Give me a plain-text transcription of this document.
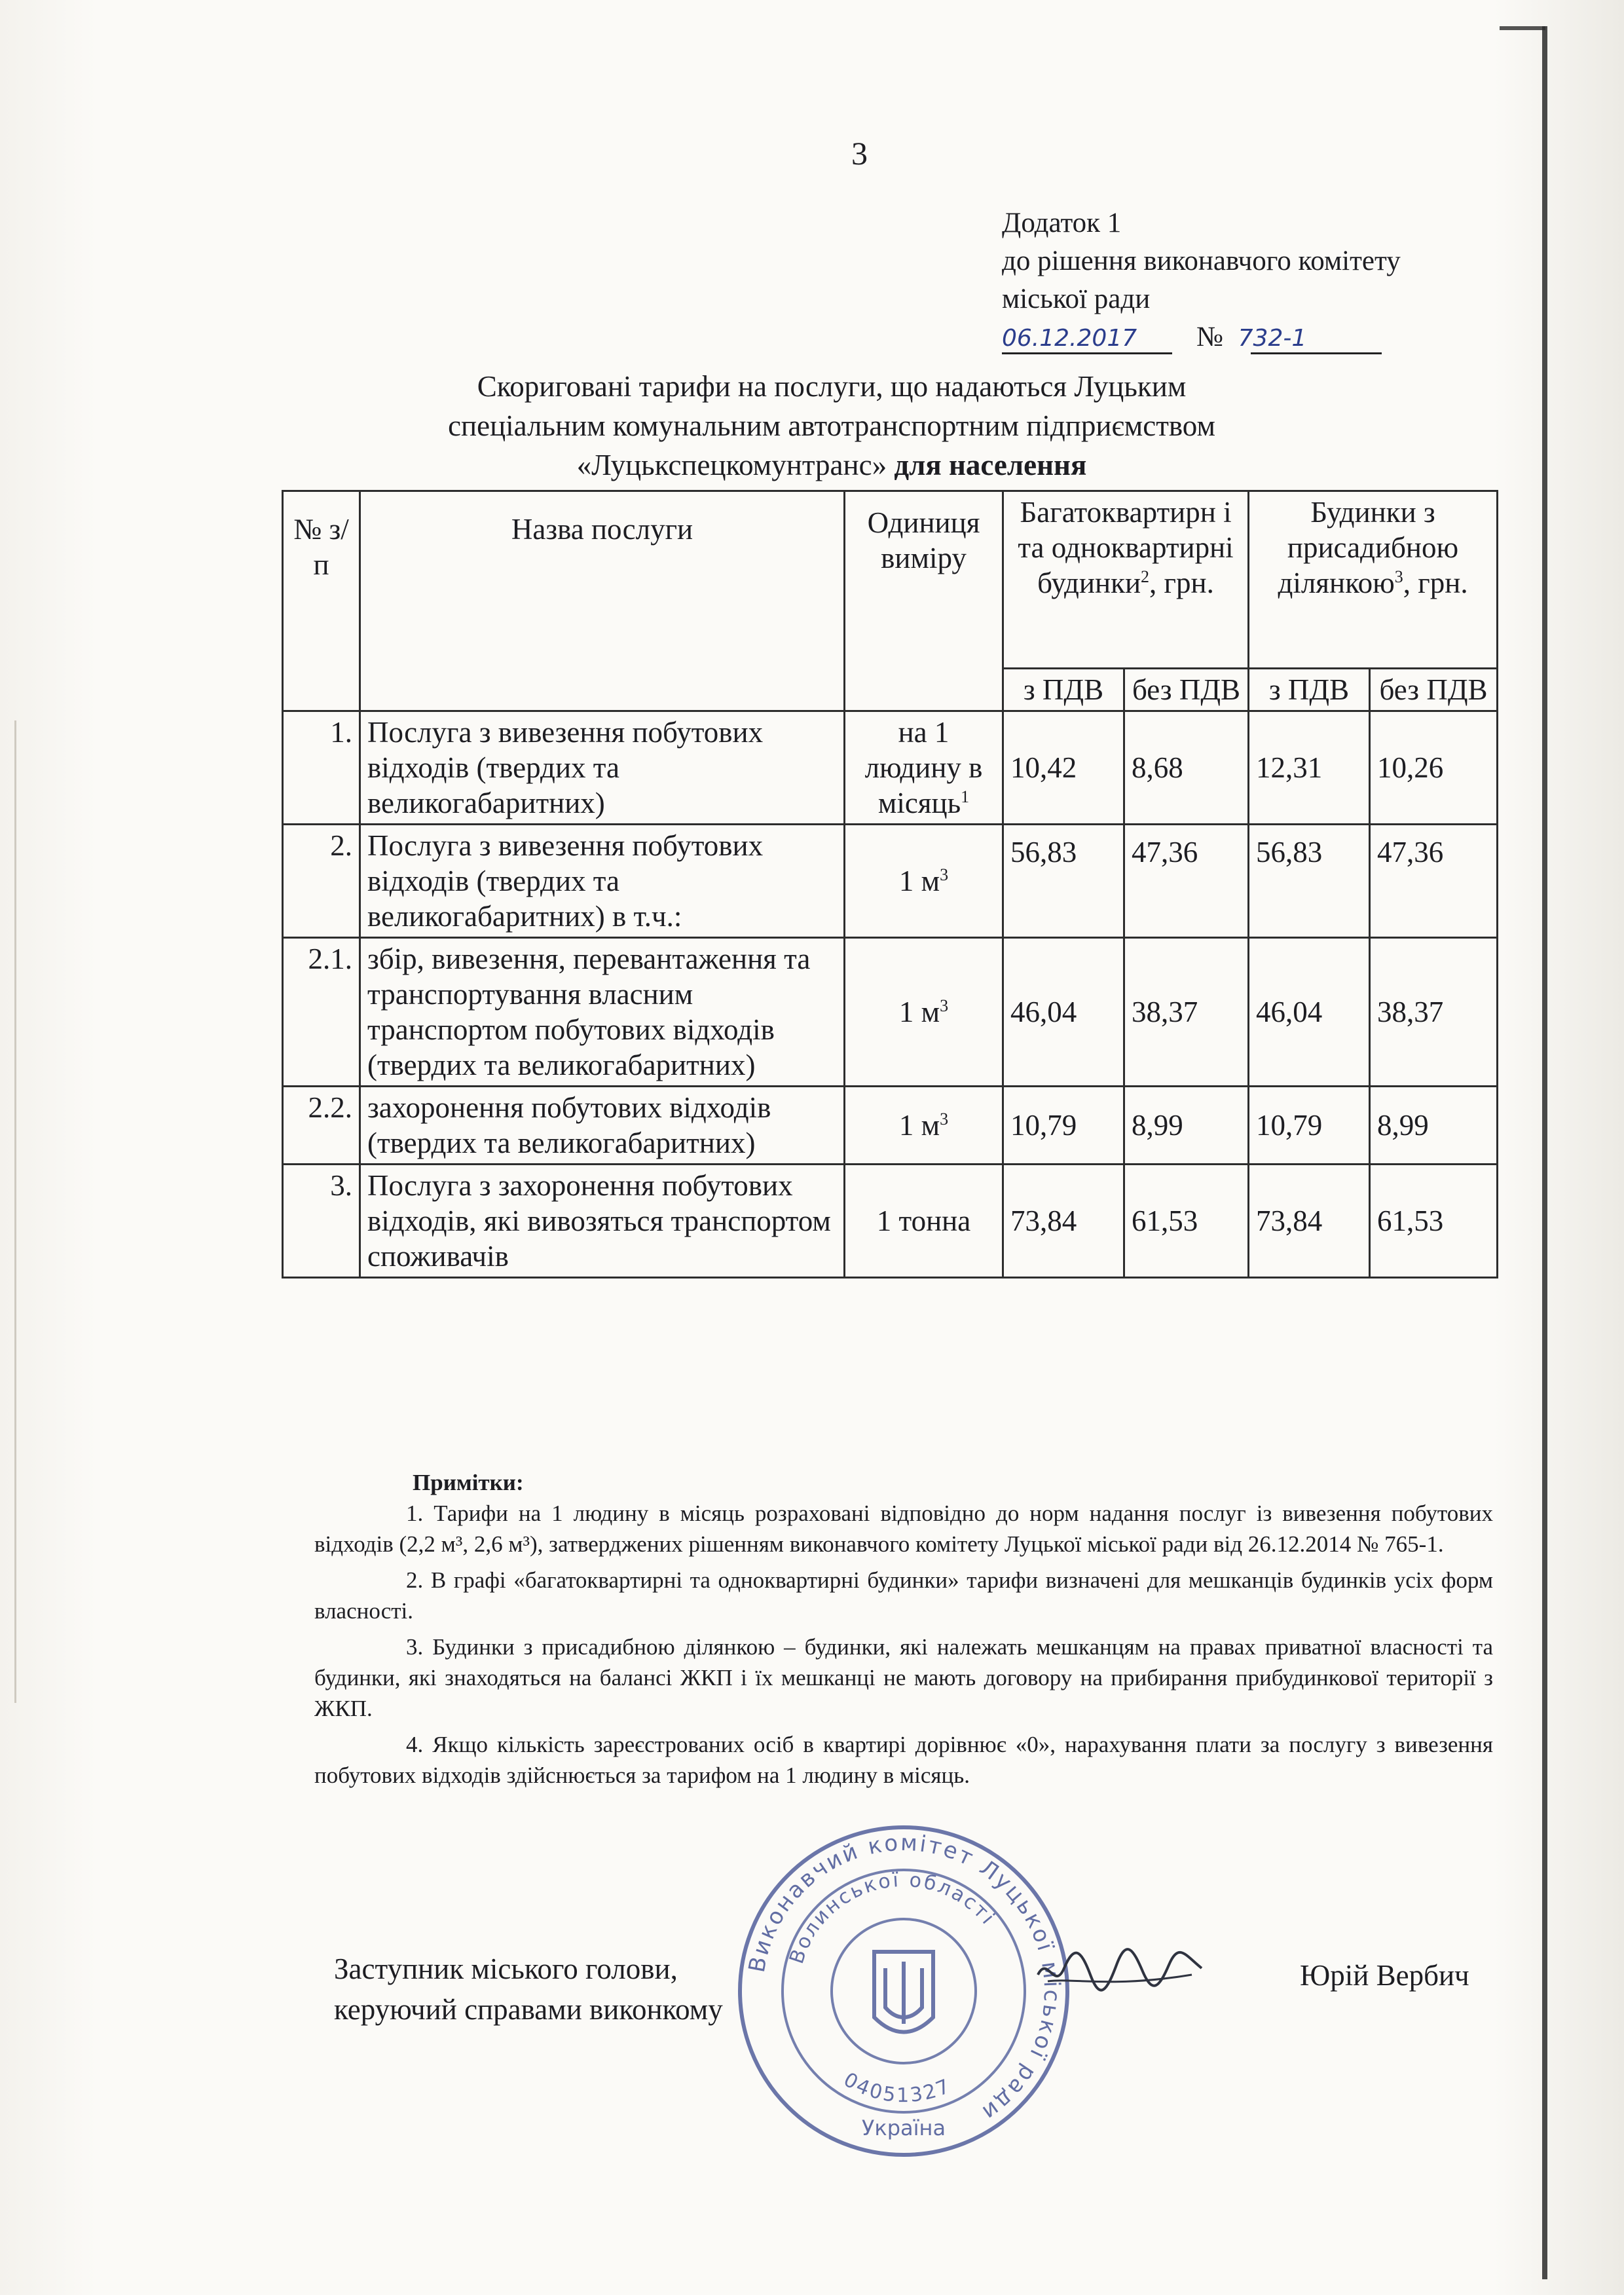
3
Додаток 1
до рішення виконавчого комітету
міської ради
06.12.2017 № 732-1
Скориговані тарифи на послуги, що надаються Луцьким
спеціальним комунальним автотранспортним підприємством
«Луцькспецкомунтранс» для населення
№ з/п	Назва послуги	Одиниця виміру	Багатоквартирн і та одноквартирні будинки$^2$, грн.		Будинки з присадибною ділянкою$^3$, грн.	
			з ПДВ	без ПДВ	з ПДВ	без ПДВ
1.	Послуга з вивезення побутових відходів (твердих та великогабаритних)	на 1 людину в місяць$^1$	10,42	8,68	12,31	10,26
2.	Послуга з вивезення побутових відходів (твердих та великогабаритних) в т.ч.:	1 $м^3$	56,83	47,36	56,83	47,36
2.1.	збір, вивезення, перевантаження та транспортування власним транспортом побутових відходів (твердих та великогабаритних)	1 $м^3$	46,04	38,37	46,04	38,37
2.2.	захоронення побутових відходів (твердих та великогабаритних)	1 $м^3$	10,79	8,99	10,79	8,99
3.	Послуга з захоронення побутових відходів, які вивозяться транспортом споживачів	1 тонна	73,84	61,53	73,84	61,53
Примітки:

1. Тарифи на 1 людину в місяць розраховані відповідно до норм надання послуг із вивезення побутових відходів (2,2 м³, 2,6 м³), затверджених рішенням виконавчого комітету Луцької міської ради від 26.12.2014 № 765-1.

2. В графі «багатоквартирні та одноквартирні будинки» тарифи визначені для мешканців будинків усіх форм власності.

3. Будинки з присадибною ділянкою – будинки, які належать мешканцям на правах приватної власності та будинки, які знаходяться на балансі ЖКП і їх мешканці не мають договору на прибирання прибудинкової території з ЖКП.

4. Якщо кількість зареєстрованих осіб в квартирі дорівнює «0», нарахування плати за послугу з вивезення побутових відходів здійснюється за тарифом на 1 людину в місяць.

Виконавчий комітет Луцької міської ради
Волинської області
04051327
Україна
Заступник міського голови,
керуючий справами виконкому
Юрій Вербич
